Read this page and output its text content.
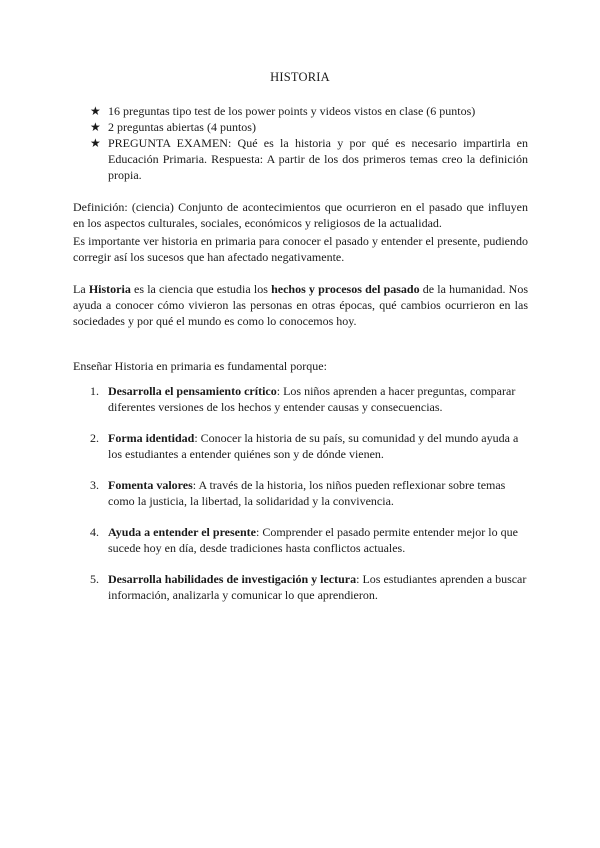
HISTORIA
★ 16 preguntas tipo test de los power points y videos vistos en clase (6 puntos)
★ 2 preguntas abiertas (4 puntos)
★ PREGUNTA EXAMEN: Qué es la historia y por qué es necesario impartirla en Educación Primaria. Respuesta: A partir de los dos primeros temas creo la definición propia.

Definición: (ciencia) Conjunto de acontecimientos que ocurrieron en el pasado que influyen en los aspectos culturales, sociales, económicos y religiosos de la actualidad.

Es importante ver historia en primaria para conocer el pasado y entender el presente, pudiendo corregir así los sucesos que han afectado negativamente.

La Historia es la ciencia que estudia los hechos y procesos del pasado de la humanidad. Nos ayuda a conocer cómo vivieron las personas en otras épocas, qué cambios ocurrieron en las sociedades y por qué el mundo es como lo conocemos hoy.

Enseñar Historia en primaria es fundamental porque:

1. Desarrolla el pensamiento crítico: Los niños aprenden a hacer preguntas, comparar diferentes versiones de los hechos y entender causas y consecuencias.
2. Forma identidad: Conocer la historia de su país, su comunidad y del mundo ayuda a los estudiantes a entender quiénes son y de dónde vienen.
3. Fomenta valores: A través de la historia, los niños pueden reflexionar sobre temas como la justicia, la libertad, la solidaridad y la convivencia.
4. Ayuda a entender el presente: Comprender el pasado permite entender mejor lo que sucede hoy en día, desde tradiciones hasta conflictos actuales.
5. Desarrolla habilidades de investigación y lectura: Los estudiantes aprenden a buscar información, analizarla y comunicar lo que aprendieron.
